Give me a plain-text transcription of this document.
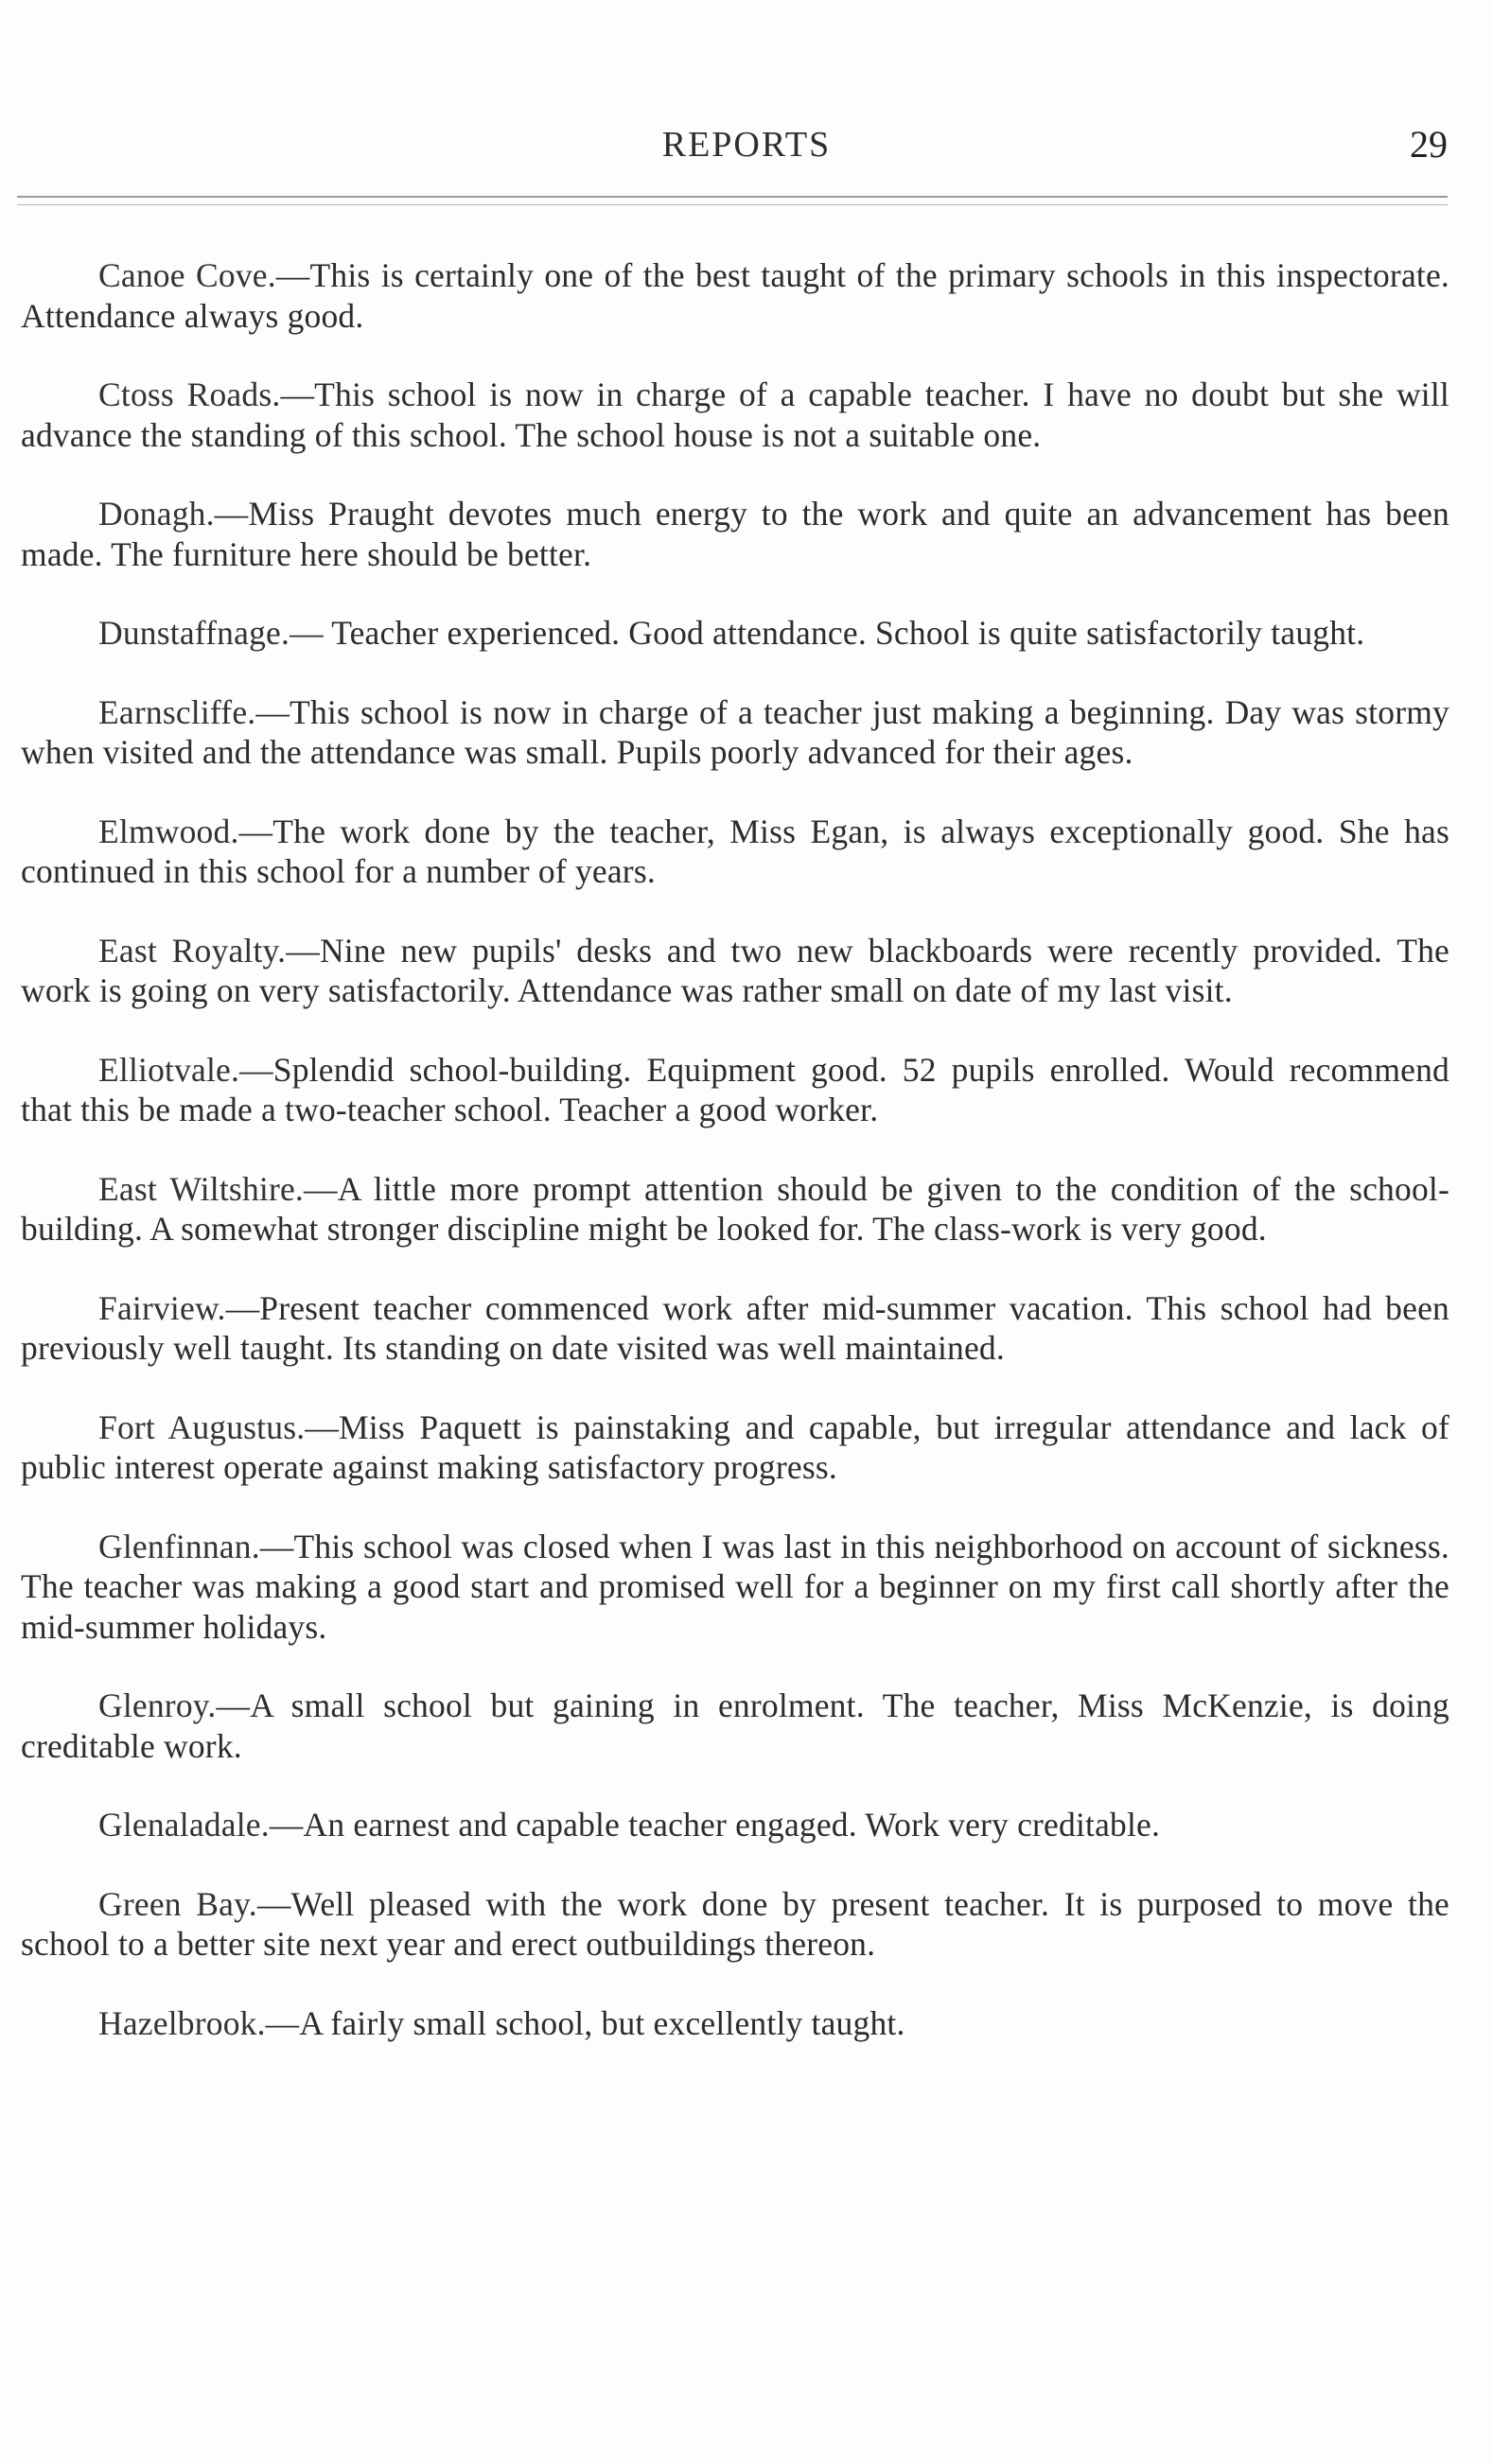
REPORTS	29

Canoe Cove.—This is certainly one of the best taught of the primary schools in this inspectorate. Attendance always good.

Ctoss Roads.—This school is now in charge of a capable teacher. I have no doubt but she will advance the standing of this school. The school house is not a suitable one.

Donagh.—Miss Praught devotes much energy to the work and quite an advancement has been made. The furniture here should be better.

Dunstaffnage.— Teacher experienced. Good attendance. School is quite satisfactorily taught.

Earnscliffe.—This school is now in charge of a teacher just making a beginning. Day was stormy when visited and the attendance was small. Pupils poorly advanced for their ages.

Elmwood.—The work done by the teacher, Miss Egan, is always exceptionally good. She has continued in this school for a number of years.

East Royalty.—Nine new pupils' desks and two new blackboards were recently provided. The work is going on very satisfactorily. Attendance was rather small on date of my last visit.

Elliotvale.—Splendid school-building. Equipment good. 52 pupils enrolled. Would recommend that this be made a two-teacher school. Teacher a good worker.

East Wiltshire.—A little more prompt attention should be given to the condition of the school-building. A somewhat stronger discipline might be looked for. The class-work is very good.

Fairview.—Present teacher commenced work after mid-summer vacation. This school had been previously well taught. Its standing on date visited was well maintained.

Fort Augustus.—Miss Paquett is painstaking and capable, but irregular attendance and lack of public interest operate against making satisfactory progress.

Glenfinnan.—This school was closed when I was last in this neighborhood on account of sickness. The teacher was making a good start and promised well for a beginner on my first call shortly after the mid-summer holidays.

Glenroy.—A small school but gaining in enrolment. The teacher, Miss McKenzie, is doing creditable work.

Glenaladale.—An earnest and capable teacher engaged. Work very creditable.

Green Bay.—Well pleased with the work done by present teacher. It is purposed to move the school to a better site next year and erect outbuildings thereon.

Hazelbrook.—A fairly small school, but excellently taught.
